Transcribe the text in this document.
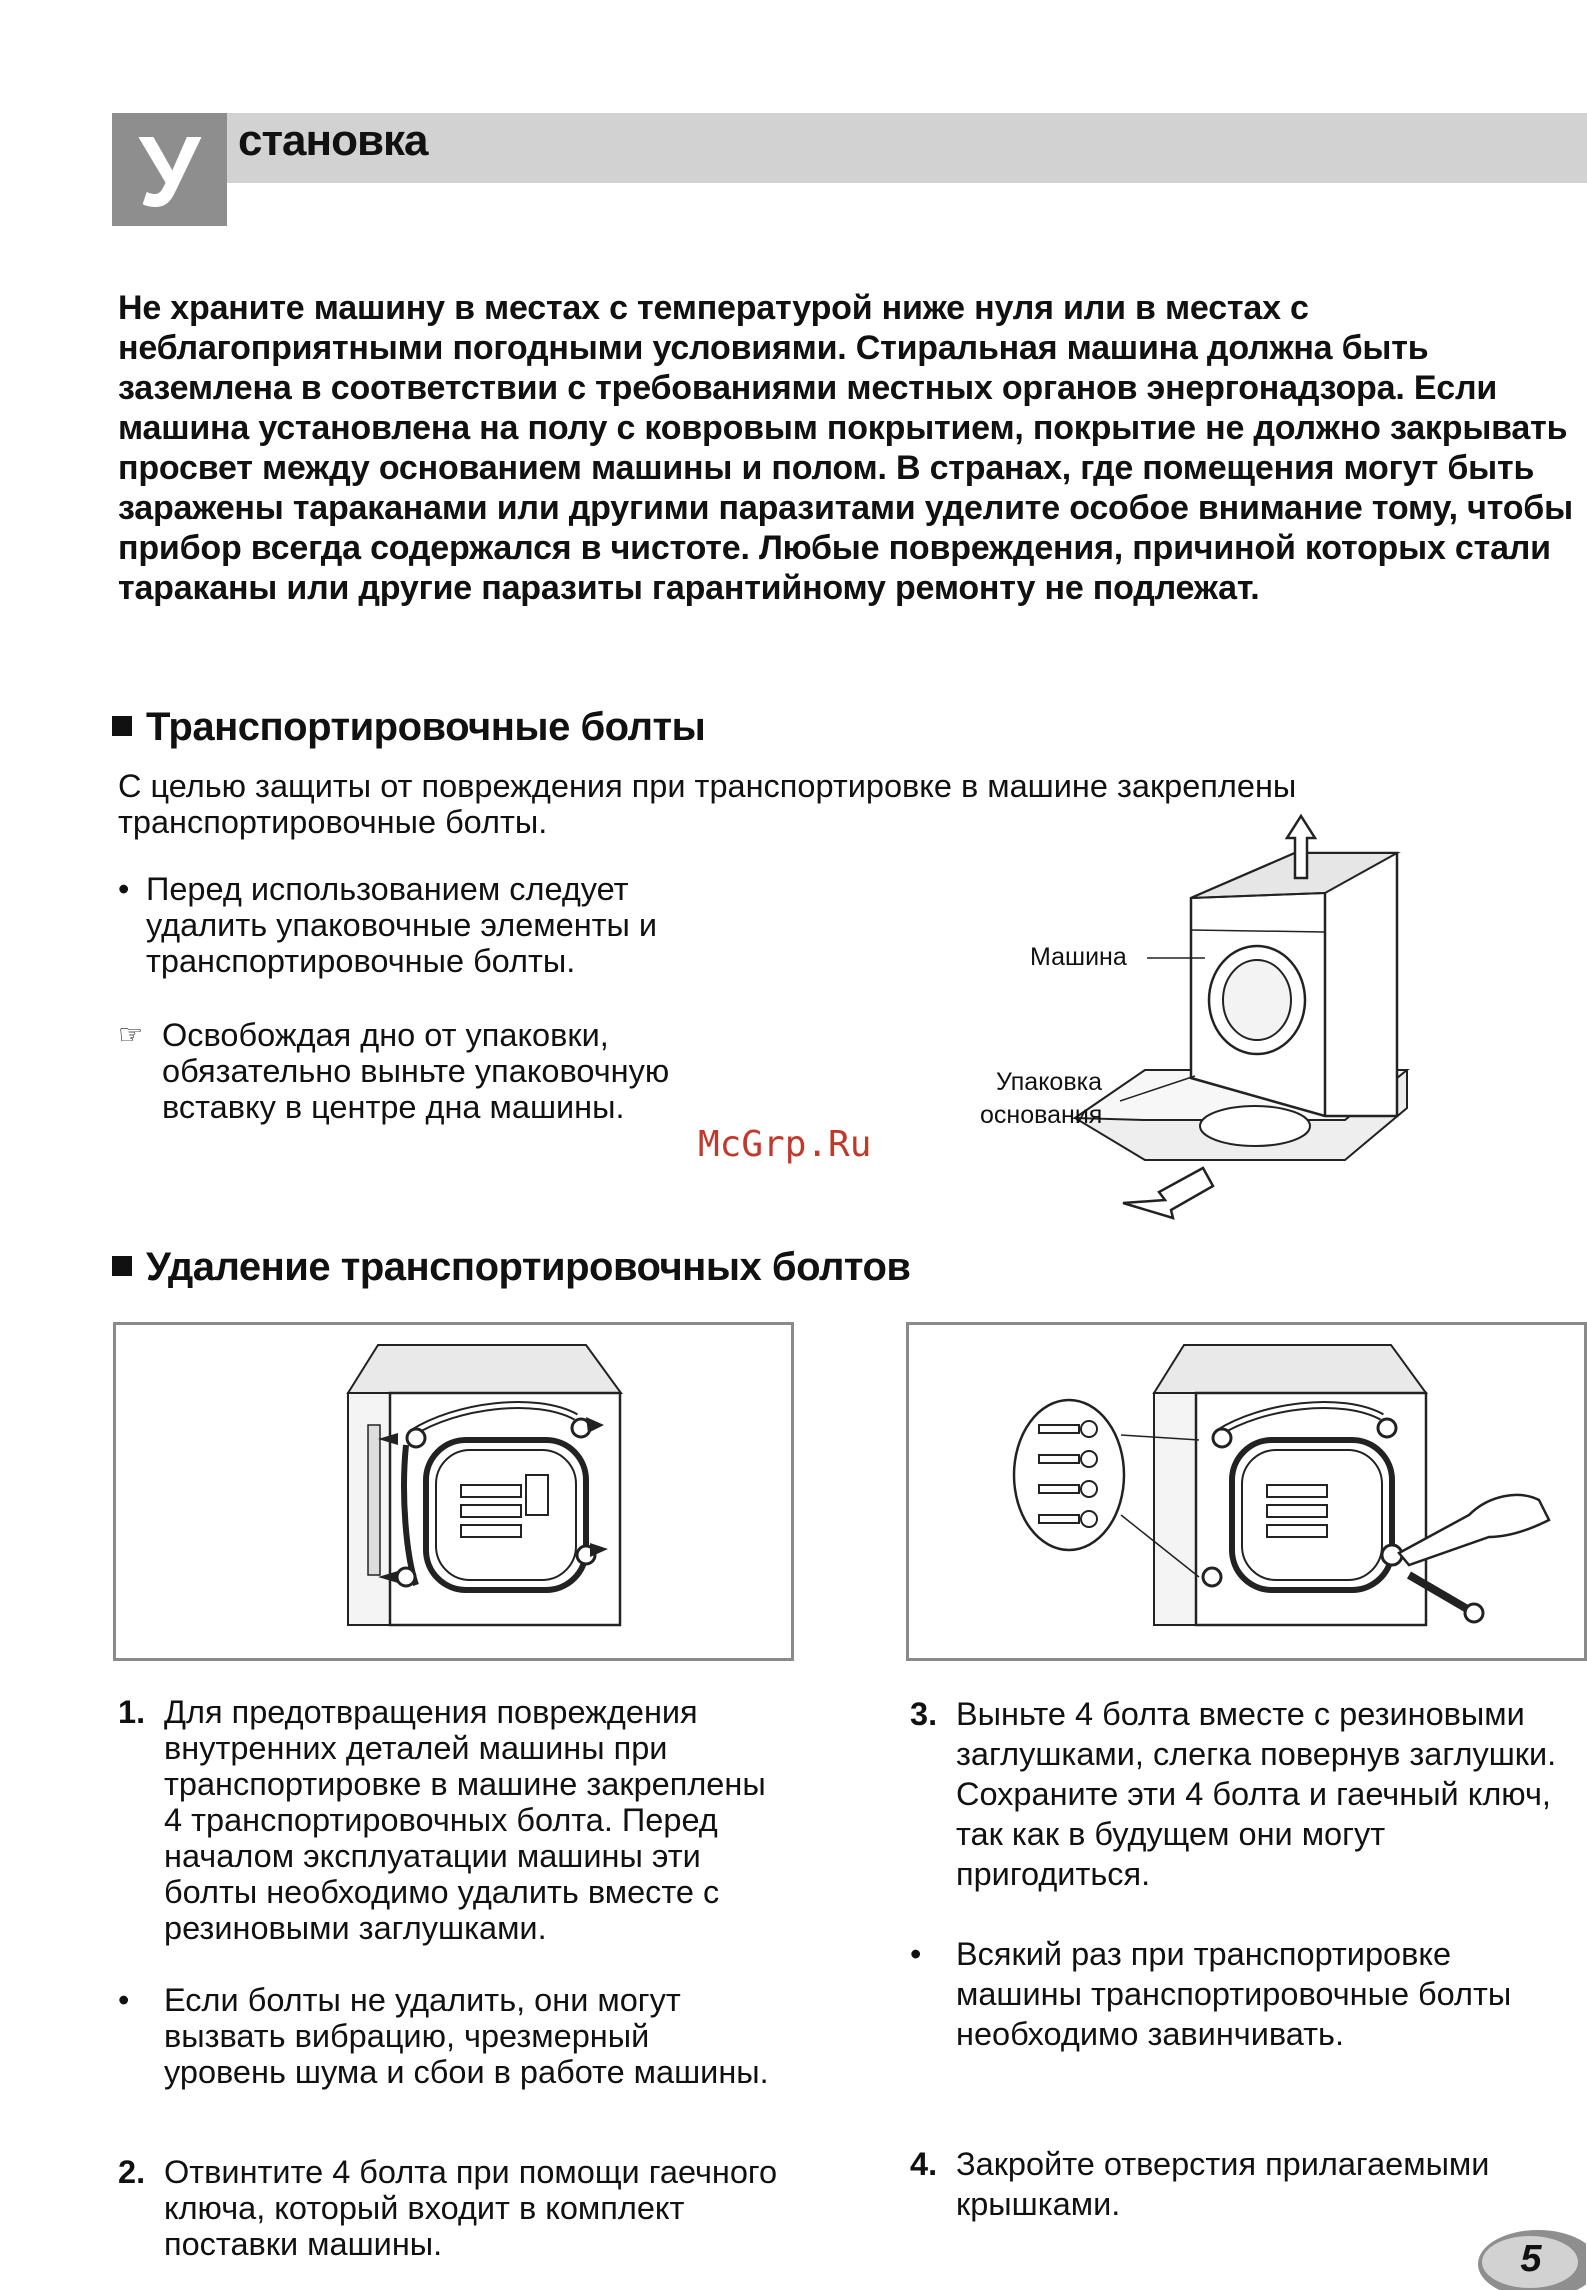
У становка
Не храните машину в местах с температурой ниже нуля или в местах с неблагоприятными погодными условиями. Стиральная машина должна быть заземлена в соответствии с требованиями местных органов энергонадзора. Если машина установлена на полу с ковровым покрытием, покрытие не должно закрывать просвет между основанием машины и полом. В странах, где помещения могут быть заражены тараканами или другими паразитами уделите особое внимание тому, чтобы прибор всегда содержался в чистоте. Любые повреждения, причиной которых стали тараканы или другие паразиты гарантийному ремонту не подлежат.
Транспортировочные болты
С целью защиты от повреждения при транспортировке в машине закреплены транспортировочные болты.
• Перед использованием следует удалить упаковочные элементы и транспортировочные болты.
☞ Освобождая дно от упаковки, обязательно выньте упаковочную вставку в центре дна машины.
Машина
Упаковка
основания
McGrp.Ru
Удаление транспортировочных болтов
1. Для предотвращения повреждения внутренних деталей машины при транспортировке в машине закреплены 4 транспортировочных болта. Перед началом эксплуатации машины эти болты необходимо удалить вместе с резиновыми заглушками.
•	Если болты не удалить, они могут вызвать вибрацию, чрезмерный уровень шума и сбои в работе машины.
2. Отвинтите 4 болта при помощи гаечного ключа, который входит в комплект поставки машины.
3. Выньте 4 болта вместе с резиновыми заглушками, слегка повернув заглушки. Сохраните эти 4 болта и гаечный ключ, так как в будущем они могут пригодиться.
•	Всякий раз при транспортировке машины транспортировочные болты необходимо завинчивать.
4. Закройте отверстия прилагаемыми крышками.
5
